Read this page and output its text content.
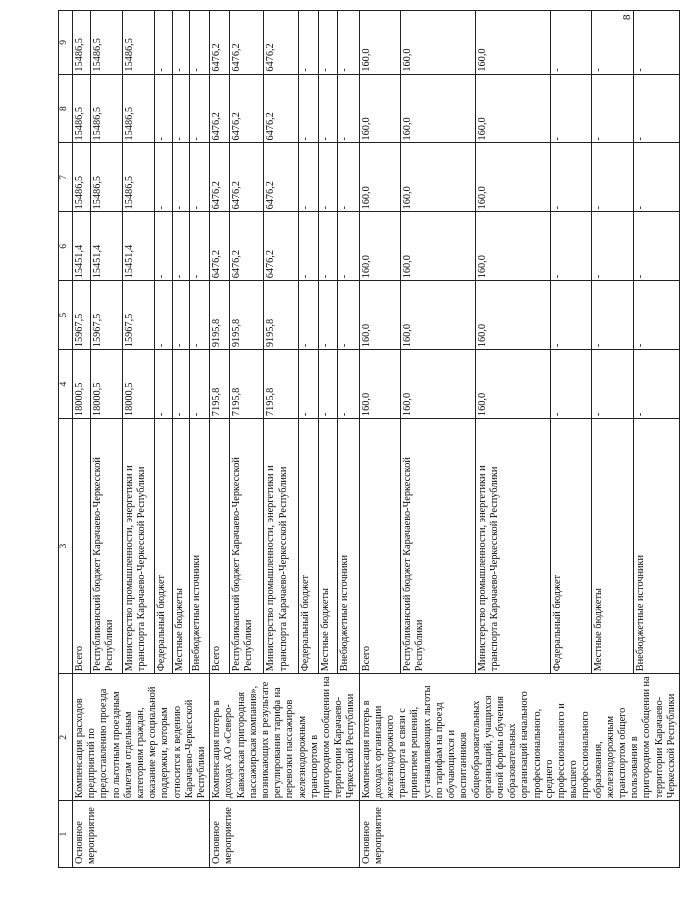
8
1	2	3	4	5	6	7	8	9
Основное мероприятие	Компенсация расходов предприятий по предоставлению проезда по льготным проездным билетам отдельным категориям граждан, оказание мер социальной поддержки, которым относится к ведению Карачаево-Черкесской Республики	Всего	18000,5	15967,5	15451,4	15486,5	15486,5	15486,5
		Республиканский бюджет Карачаево-Черкесской Республики	18000,5	15967,5	15451,4	15486,5	15486,5	15486,5
		Министерство промышленности, энергетики и транспорта Карачаево-Черкесской Республики	18000,5	15967,5	15451,4	15486,5	15486,5	15486,5
		Федеральный бюджет	-	-	-	-	-	-
		Местные бюджеты	-	-	-	-	-	-
		Внебюджетные источники	-	-	-	-	-	-
Основное мероприятие	Компенсация потерь в доходах АО «Северо-Кавказская пригородная пассажирская компания», возникающих в результате регулирования тарифа на перевозки пассажиров железнодорожным транспортом в пригородном сообщении на территории Карачаево-Черкесской Республики	Всего	7195,8	9195,8	6476,2	6476,2	6476,2	6476,2
		Республиканский бюджет Карачаево-Черкесской Республики	7195,8	9195,8	6476,2	6476,2	6476,2	6476,2
		Министерство промышленности, энергетики и транспорта Карачаево-Черкесской Республики	7195,8	9195,8	6476,2	6476,2	6476,2	6476,2
		Федеральный бюджет	-	-	-	-	-	-
		Местные бюджеты	-	-	-	-	-	-
		Внебюджетные источники	-	-	-	-	-	-
Основное мероприятие	Компенсация потерь в доходах организации железнодорожного транспорта в связи с принятием решений, устанавливающих льготы по тарифам на проезд обучающихся и воспитанников общеобразовательных организаций, учащихся очной формы обучения образовательных организаций начального профессионального, среднего профессионального и высшего профессионального образования, железнодорожным транспортом общего пользования в пригородном сообщении на территории Карачаево-Черкесской Республики	Всего	160,0	160,0	160,0	160,0	160,0	160,0
		Республиканский бюджет Карачаево-Черкесской Республики	160,0	160,0	160,0	160,0	160,0	160,0
		Министерство промышленности, энергетики и транспорта Карачаево-Черкесской Республики	160,0	160,0	160,0	160,0	160,0	160,0
		Федеральный бюджет	-	-	-	-	-	-
		Местные бюджеты	-	-	-	-	-	-
		Внебюджетные источники	-	-	-	-	-	-
